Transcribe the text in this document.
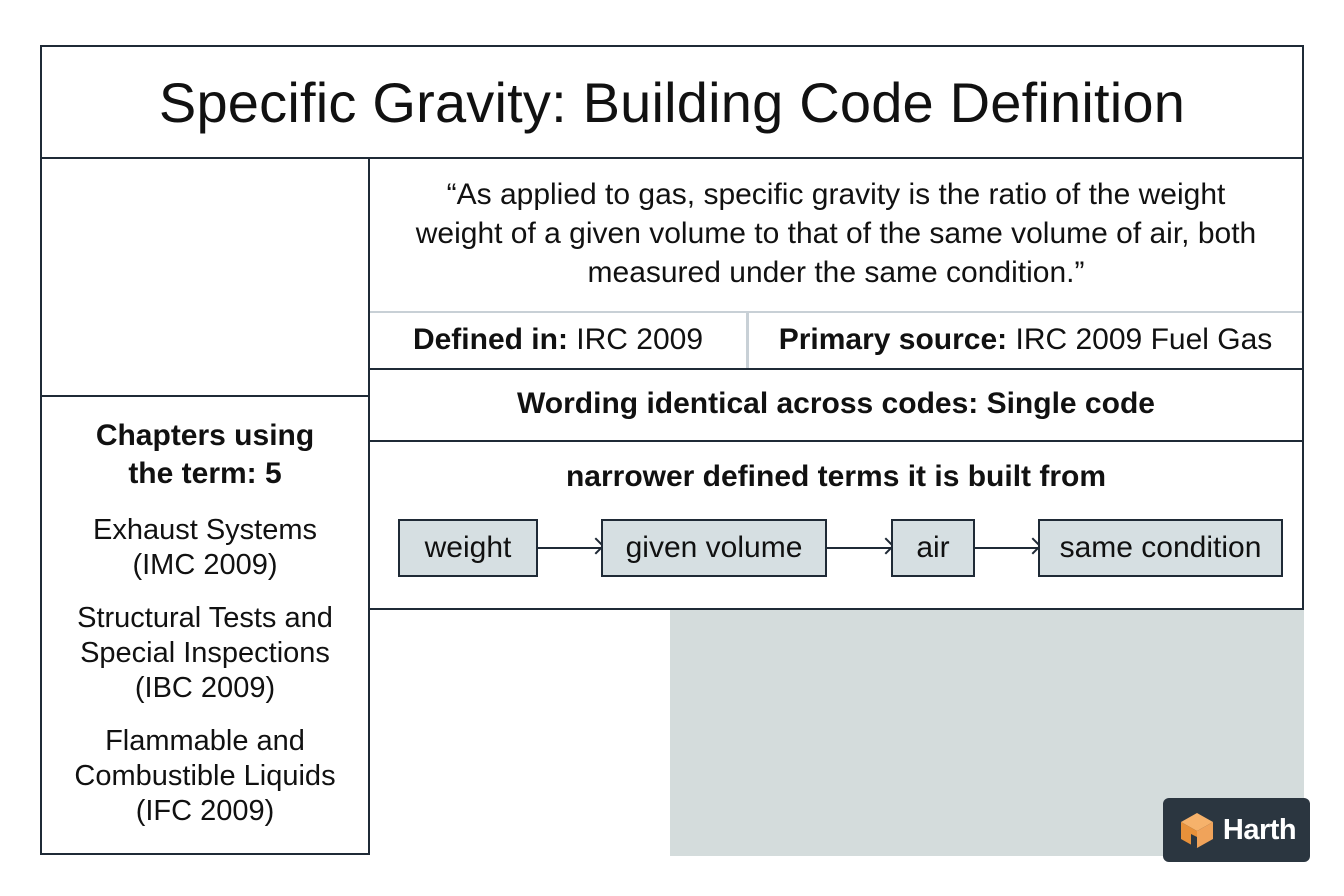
Specific Gravity: Building Code Definition
Chapters using the term: 5
Exhaust Systems
(IMC 2009)
Structural Tests and Special Inspections
(IBC 2009)
Flammable and Combustible Liquids
(IFC 2009)

“As applied to gas, specific gravity is the ratio of the weight weight of a given volume to that of the same volume of air, both measured under the same condition.”

Defined in:
IRC 2009	Primary source:
IRC 2009 Fuel Gas
Wording identical across codes: Single code
narrower defined terms it is built from
weight	given volume	air	same condition
Harth
